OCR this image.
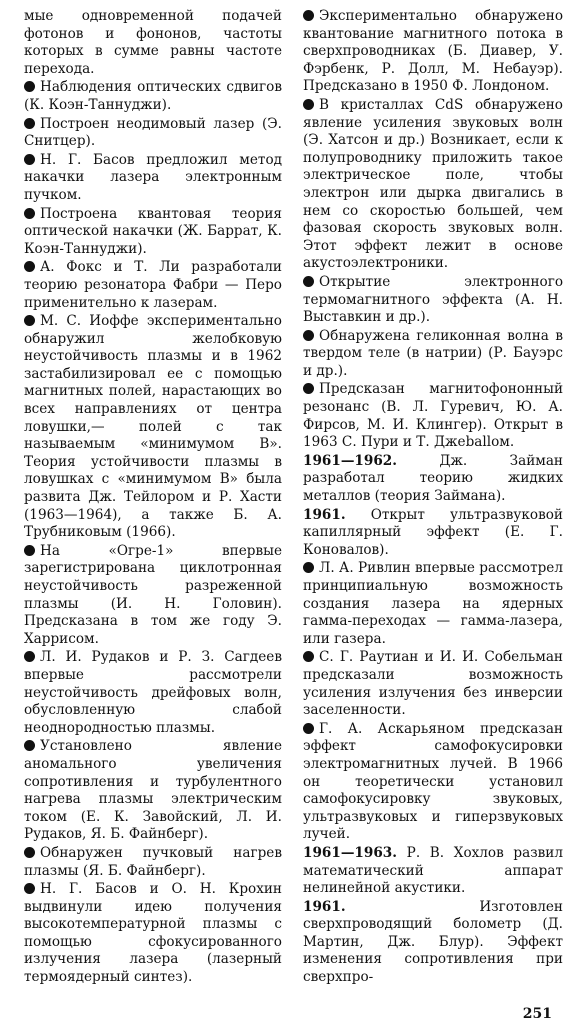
мые одновременной подачей фотонов и фононов, частоты которых в сумме равны частоте перехода.
Наблюдения оптических сдвигов (К. Коэн-Таннуджи).
Построен неодимовый лазер (Э. Снитцер).
Н. Г. Басов предложил метод накачки лазера электронным пучком.
Построена квантовая теория оптической накачки (Ж. Баррат, К. Коэн-Таннуджи).
А. Фокс и Т. Ли разработали теорию резонатора Фабри — Перо применительно к лазерам.
М. С. Иоффе экспериментально обнаружил желобковую неустойчивость плазмы и в 1962 застабилизировал ее с помощью магнитных полей, нарастающих во всех направлениях от центра ловушки,— полей с так называемым «минимумом В». Теория устойчивости плазмы в ловушках с «минимумом В» была развита Дж. Тейлором и Р. Хасти (1963—1964), а также Б. А. Трубниковым (1966).
На «Огре-1» впервые зарегистрирована циклотронная неустойчивость разреженной плазмы (И. Н. Головин). Предсказана в том же году Э. Харрисом.
Л. И. Рудаков и Р. З. Сагдеев впервые рассмотрели неустойчивость дрейфовых волн, обусловленную слабой неоднородностью плазмы.
Установлено явление аномального увеличения сопротивления и турбулентного нагрева плазмы электрическим током (Е. К. Завойский, Л. И. Рудаков, Я. Б. Файнберг).
Обнаружен пучковый нагрев плазмы (Я. Б. Файнберг).
Н. Г. Басов и О. Н. Крохин выдвинули идею получения высокотемпературной плазмы с помощью сфокусированного излучения лазера (лазерный термоядерный синтез).
Экспериментально обнаружено квантование магнитного потока в сверхпроводниках (Б. Диавер, У. Фэрбенк, Р. Долл, М. Небауэр). Предсказано в 1950 Ф. Лондоном.
В кристаллах CdS обнаружено явление усиления звуковых волн (Э. Хатсон и др.) Возникает, если к полупроводнику приложить такое электрическое поле, чтобы электрон или дырка двигались в нем со скоростью большей, чем фазовая скорость звуковых волн. Этот эффект лежит в основе акустоэлектроники.
Открытие электронного термомагнитного эффекта (А. Н. Выставкин и др.).
Обнаружена геликонная волна в твердом теле (в натрии) (Р. Бауэрс и др.).
Предсказан магнитофононный резонанс (В. Л. Гуревич, Ю. А. Фирсов, М. И. Клингер). Открыт в 1963 С. Пури и Т. Джеballом.
1961—1962.	Дж. Займан разработал теорию жидких металлов (теория Займана).
1961. Открыт ультразвуковой капиллярный эффект (Е. Г. Коновалов).
Л. А. Ривлин впервые рассмотрел принципиальную возможность создания лазера на ядерных гамма-переходах — гамма-лазера, или газера.
С. Г. Раутиан и И. И. Собельман предсказали возможность усиления излучения без инверсии заселенности.
Г. А. Аскарьяном предсказан эффект самофокусировки электромагнитных лучей. В 1966 он теоретически установил самофокусировку звуковых, ультразвуковых и гиперзвуковых лучей.
1961—1963. Р. В. Хохлов развил математический аппарат нелинейной акустики.
1961.	Изготовлен сверхпроводящий болометр (Д. Мартин, Дж. Блур). Эффект изменения сопротивления при сверхпро-
251
